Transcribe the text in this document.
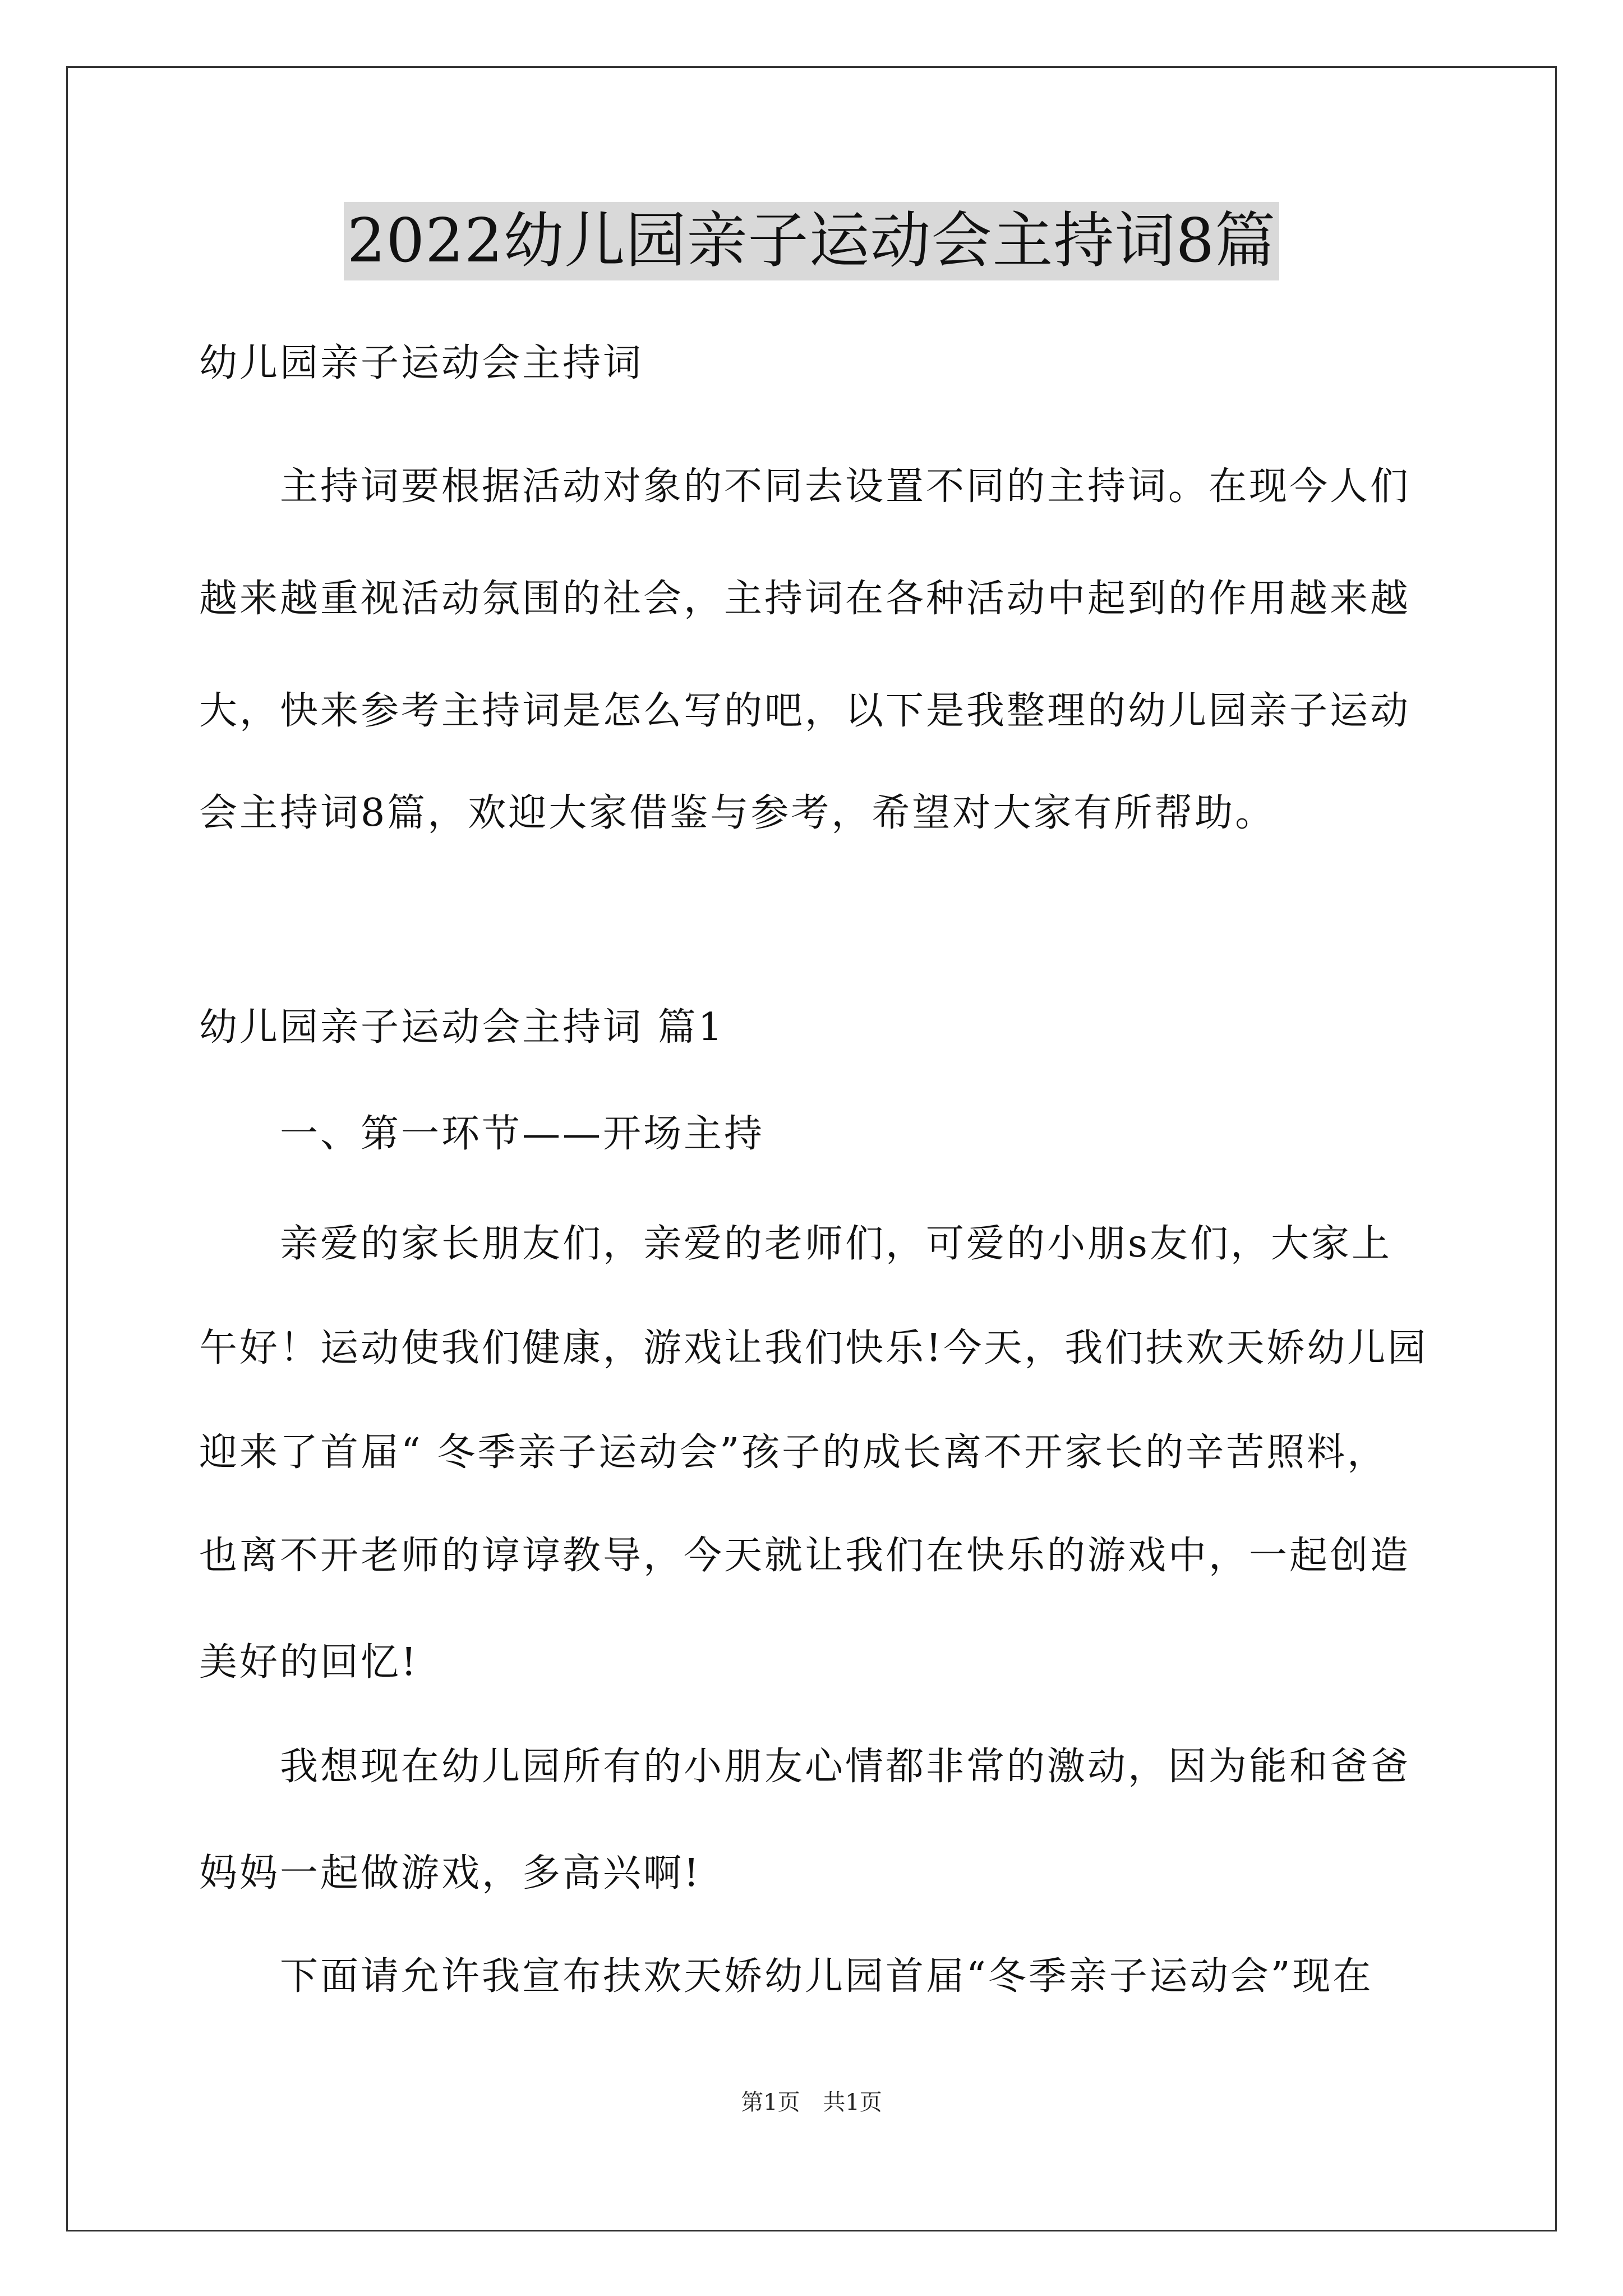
2022幼儿园亲子运动会主持词8篇
幼儿园亲子运动会主持词
　　主持词要根据活动对象的不同去设置不同的主持词。在现今人们
越来越重视活动氛围的社会，主持词在各种活动中起到的作用越来越
大，快来参考主持词是怎么写的吧，以下是我整理的幼儿园亲子运动
会主持词8篇，欢迎大家借鉴与参考，希望对大家有所帮助。
幼儿园亲子运动会主持词 篇1
　　一、第一环节——开场主持
　　亲爱的家长朋友们，亲爱的老师们，可爱的小朋s友们，大家上
午好！运动使我们健康，游戏让我们快乐!今天，我们扶欢天娇幼儿园
迎来了首届“ 冬季亲子运动会”孩子的成长离不开家长的辛苦照料，
也离不开老师的谆谆教导，今天就让我们在快乐的游戏中，一起创造
美好的回忆!
　　我想现在幼儿园所有的小朋友心情都非常的激动，因为能和爸爸
妈妈一起做游戏，多高兴啊!
　　下面请允许我宣布扶欢天娇幼儿园首届“冬季亲子运动会”现在
第1页 共1页
